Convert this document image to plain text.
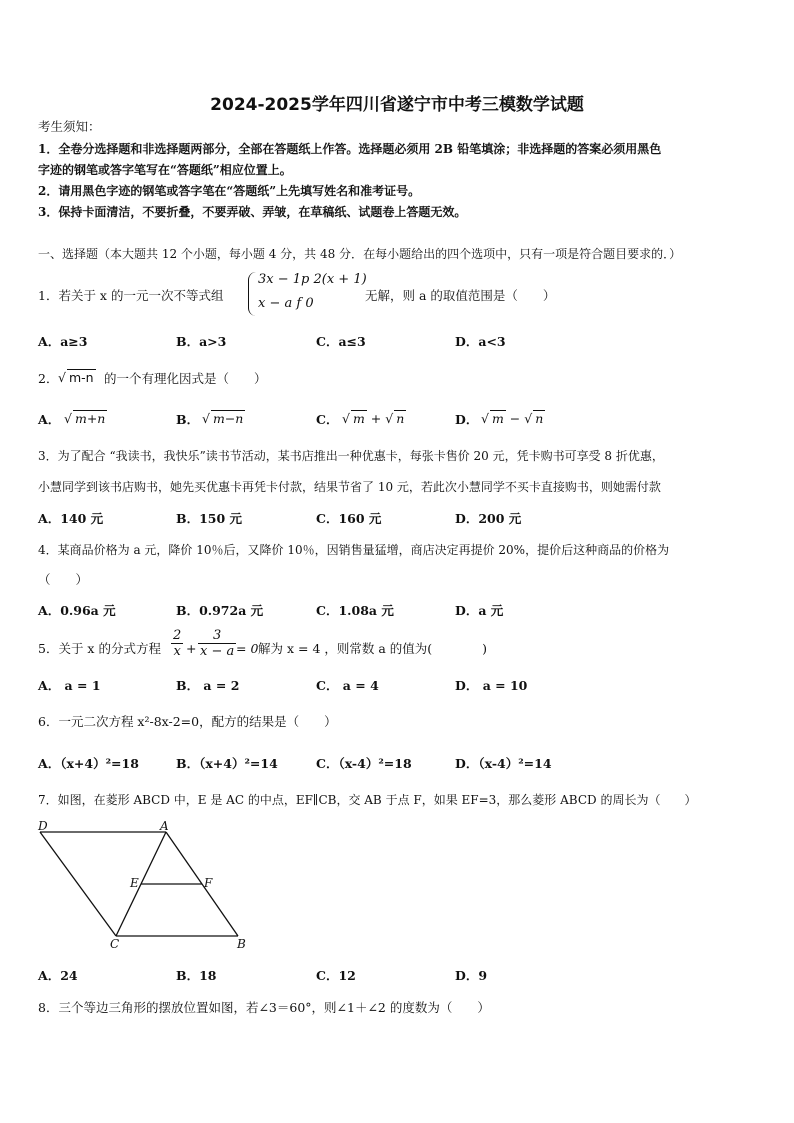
2024-2025学年四川省遂宁市中考三模数学试题
考生须知：
1．全卷分选择题和非选择题两部分，全部在答题纸上作答。选择题必须用 2B 铅笔填涂；非选择题的答案必须用黑色
字迹的钢笔或答字笔写在“答题纸”相应位置上。
2．请用黑色字迹的钢笔或答字笔在“答题纸”上先填写姓名和准考证号。
3．保持卡面清洁，不要折叠，不要弄破、弄皱，在草稿纸、试题卷上答题无效。
一、选择题（本大题共 12 个小题，每小题 4 分，共 48 分．在每小题给出的四个选项中，只有一项是符合题目要求的．）
1．若关于 x 的一元一次不等式组
3x − 1p 2(x + 1)
x − a f 0
无解，则 a 的取值范围是（　　）
A．a≥3	B．a>3	C．a≤3	D．a<3
2． √ m-n 的一个有理化因式是（　　）
A． √ m+n	B． √ m−n	C． √ m + √ n	D． √ m − √ n
3．为了配合 “我读书，我快乐”读书节活动，某书店推出一种优惠卡，每张卡售价 20 元，凭卡购书可享受 8 折优惠，
小慧同学到该书店购书，她先买优惠卡再凭卡付款，结果节省了 10 元，若此次小慧同学不买卡直接购书，则她需付款
A．140 元	B．150 元	C．160 元	D．200 元
4．某商品价格为 a 元，降价 10％后，又降价 10％，因销售量猛增，商店决定再提价 20%，提价后这种商品的价格为
（　　）
A．0.96a 元	B．0.972a 元	C．1.08a 元	D．a 元
5．关于 x 的分式方程 $\frac{2}{x} + \frac{3}{x - a} = 0$ 解为 x = 4 ，则常数 a 的值为(　　　　)
A． a = 1	B． a = 2	C． a = 4	D． a = 10
6．一元二次方程 x²-8x-2=0，配方的结果是（　　）
A．（x+4）²=18	B．（x+4）²=14	C．（x-4）²=18	D．（x-4）²=14
7．如图，在菱形 ABCD 中，E 是 AC 的中点，EF∥CB，交 AB 于点 F，如果 EF=3，那么菱形 ABCD 的周长为（　　）
D	A
E	F
C	B
A．24	B．18	C．12	D．9
8．三个等边三角形的摆放位置如图，若∠3＝60°，则∠1＋∠2 的度数为（　　）
